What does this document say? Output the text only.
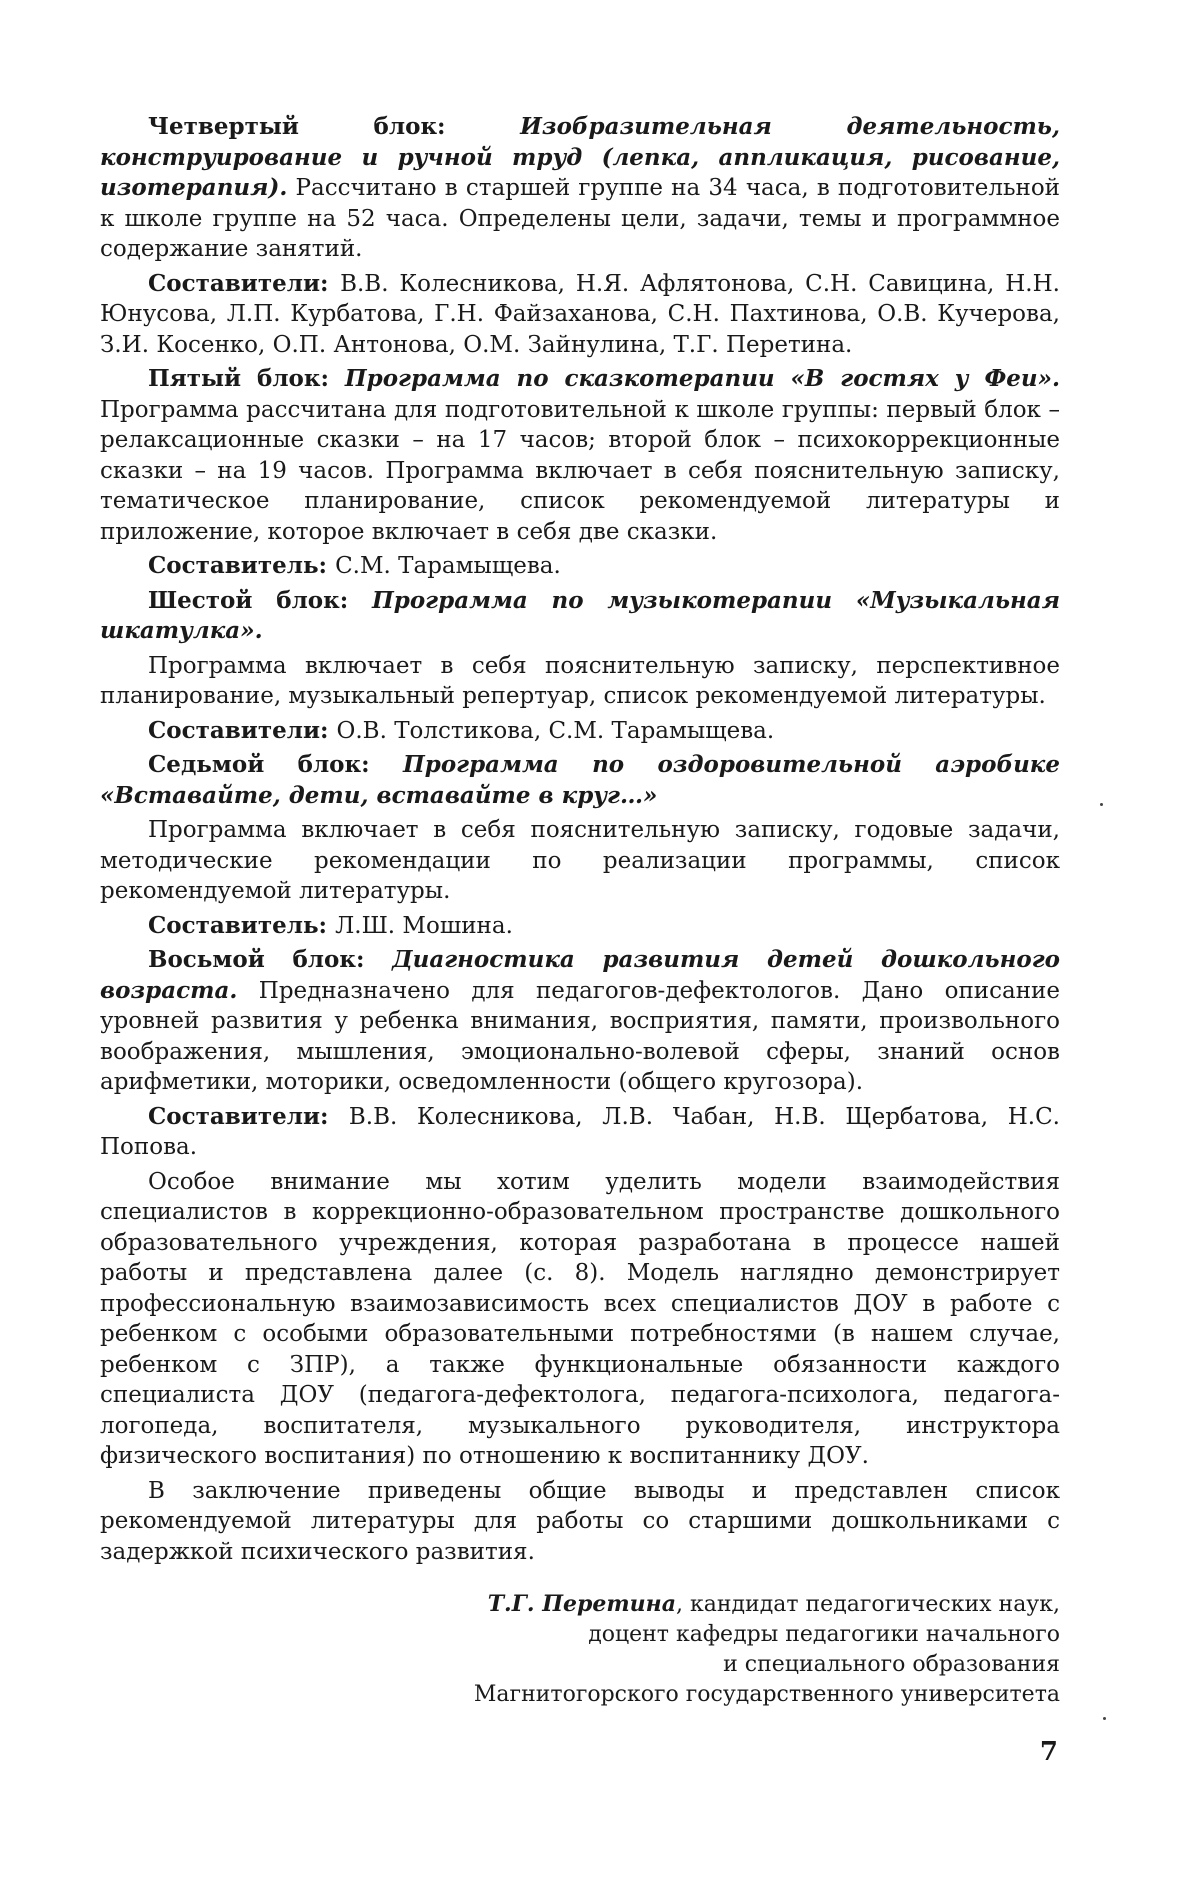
Четвертый блок: Изобразительная деятельность, конструирование и ручной труд (лепка, аппликация, рисование, изотерапия). Рассчитано в старшей группе на 34 часа, в подготовительной к школе группе на 52 часа. Определены цели, задачи, темы и программное содержание занятий.

Составители: В.В. Колесникова, Н.Я. Афлятонова, С.Н. Савицина, Н.Н. Юнусова, Л.П. Курбатова, Г.Н. Файзаханова, С.Н. Пахтинова, О.В. Кучерова, З.И. Косенко, О.П. Антонова, О.М. Зайнулина, Т.Г. Перетина.

Пятый блок: Программа по сказкотерапии «В гостях у Феи». Программа рассчитана для подготовительной к школе группы: первый блок – релаксационные сказки – на 17 часов; второй блок – психокоррекционные сказки – на 19 часов. Программа включает в себя пояснительную записку, тематическое планирование, список рекомендуемой литературы и приложение, которое включает в себя две сказки.

Составитель: С.М. Тарамыщева.

Шестой блок: Программа по музыкотерапии «Музыкальная шкатулка».

Программа включает в себя пояснительную записку, перспективное планирование, музыкальный репертуар, список рекомендуемой литературы.

Составители: О.В. Толстикова, С.М. Тарамыщева.

Седьмой блок: Программа по оздоровительной аэробике «Вставайте, дети, вставайте в круг…»

Программа включает в себя пояснительную записку, годовые задачи, методические рекомендации по реализации программы, список рекомендуемой литературы.

Составитель: Л.Ш. Мошина.

Восьмой блок: Диагностика развития детей дошкольного возраста. Предназначено для педагогов-дефектологов. Дано описание уровней развития у ребенка внимания, восприятия, памяти, произвольного воображения, мышления, эмоционально-волевой сферы, знаний основ арифметики, моторики, осведомленности (общего кругозора).

Составители: В.В. Колесникова, Л.В. Чабан, Н.В. Щербатова, Н.С. Попова.

Особое внимание мы хотим уделить модели взаимодействия специалистов в коррекционно-образовательном пространстве дошкольного образовательного учреждения, которая разработана в процессе нашей работы и представлена далее (с. 8). Модель наглядно демонстрирует профессиональную взаимозависимость всех специалистов ДОУ в работе с ребенком с особыми образовательными потребностями (в нашем случае, ребенком с ЗПР), а также функциональные обязанности каждого специалиста ДОУ (педагога-дефектолога, педагога-психолога, педагога-логопеда, воспитателя, музыкального руководителя, инструктора физического воспитания) по отношению к воспитаннику ДОУ.

В заключение приведены общие выводы и представлен список рекомендуемой литературы для работы со старшими дошкольниками с задержкой психического развития.

Т.Г. Перетина, кандидат педагогических наук,
доцент кафедры педагогики начального
и специального образования
Магнитогорского государственного университета
7
